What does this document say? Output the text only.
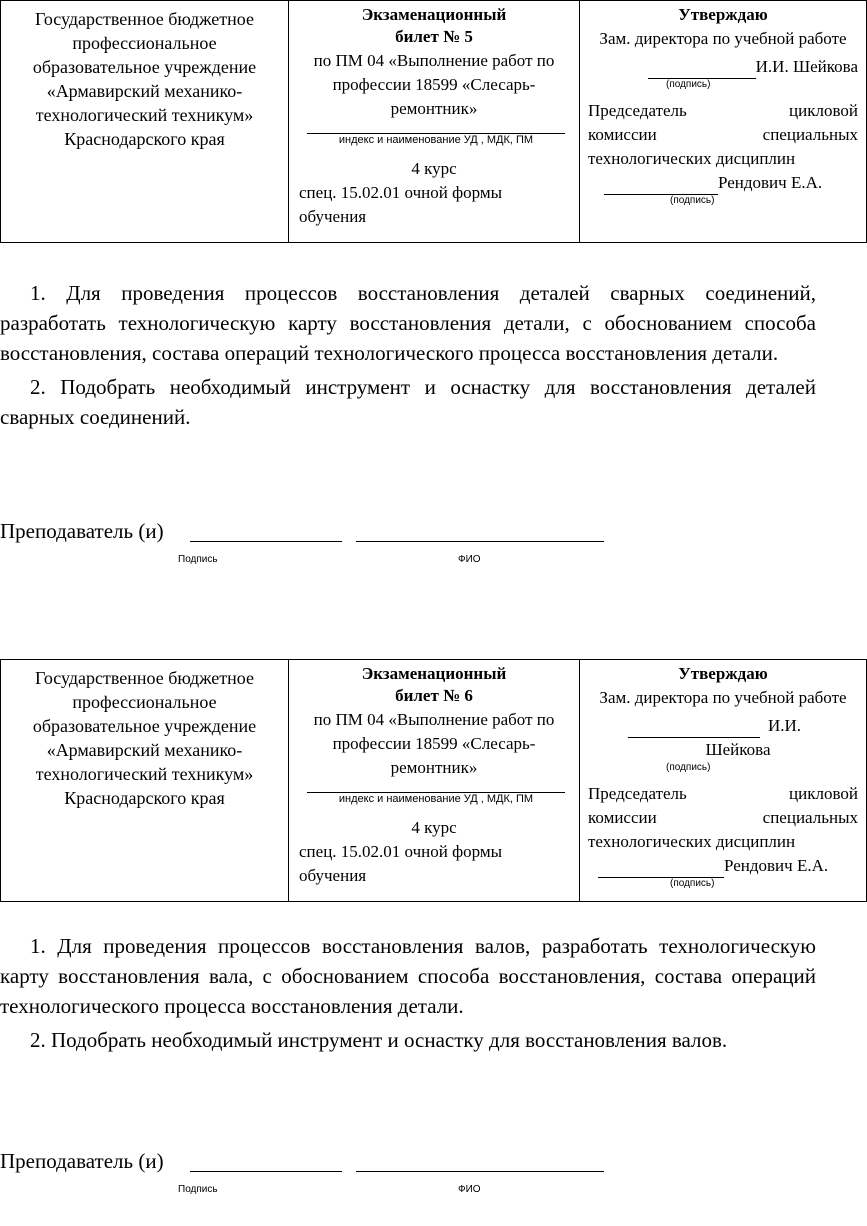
Государственное бюджетное профессиональное образовательное учреждение «Армавирский механико-технологический техникум» Краснодарского края

Экзаменационный
билет № 5
по ПМ 04 «Выполнение работ по профессии 18599 «Слесарь-ремонтник»
индекс и наименование УД , МДК, ПМ
4 курс
спец. 15.02.01 очной формы обучения

Утверждаю
Зам. директора по учебной работе
И.И. Шейкова
(подпись)
Председатель цикловой
комиссии специальных
технологических дисциплин
Рендович Е.А.
(подпись)

1. Для проведения процессов восстановления деталей сварных соединений, разработать технологическую карту восстановления детали, с обоснованием способа восстановления, состава операций технологического процесса восстановления детали.

2. Подобрать необходимый инструмент и оснастку для восстановления деталей сварных соединений.

Преподаватель (и)
Подпись	ФИО
Государственное бюджетное профессиональное образовательное учреждение «Армавирский механико-технологический техникум» Краснодарского края

Экзаменационный
билет № 6
по ПМ 04 «Выполнение работ по профессии 18599 «Слесарь-ремонтник»
индекс и наименование УД , МДК, ПМ
4 курс
спец. 15.02.01 очной формы обучения

Утверждаю
Зам. директора по учебной работе
И.И.
Шейкова
(подпись)
Председатель цикловой
комиссии специальных
технологических дисциплин
Рендович Е.А.
(подпись)

1. Для проведения процессов восстановления валов, разработать технологическую карту восстановления вала, с обоснованием способа восстановления, состава операций технологического процесса восстановления детали.

2. Подобрать необходимый инструмент и оснастку для восстановления валов.

Преподаватель (и)
Подпись	ФИО
